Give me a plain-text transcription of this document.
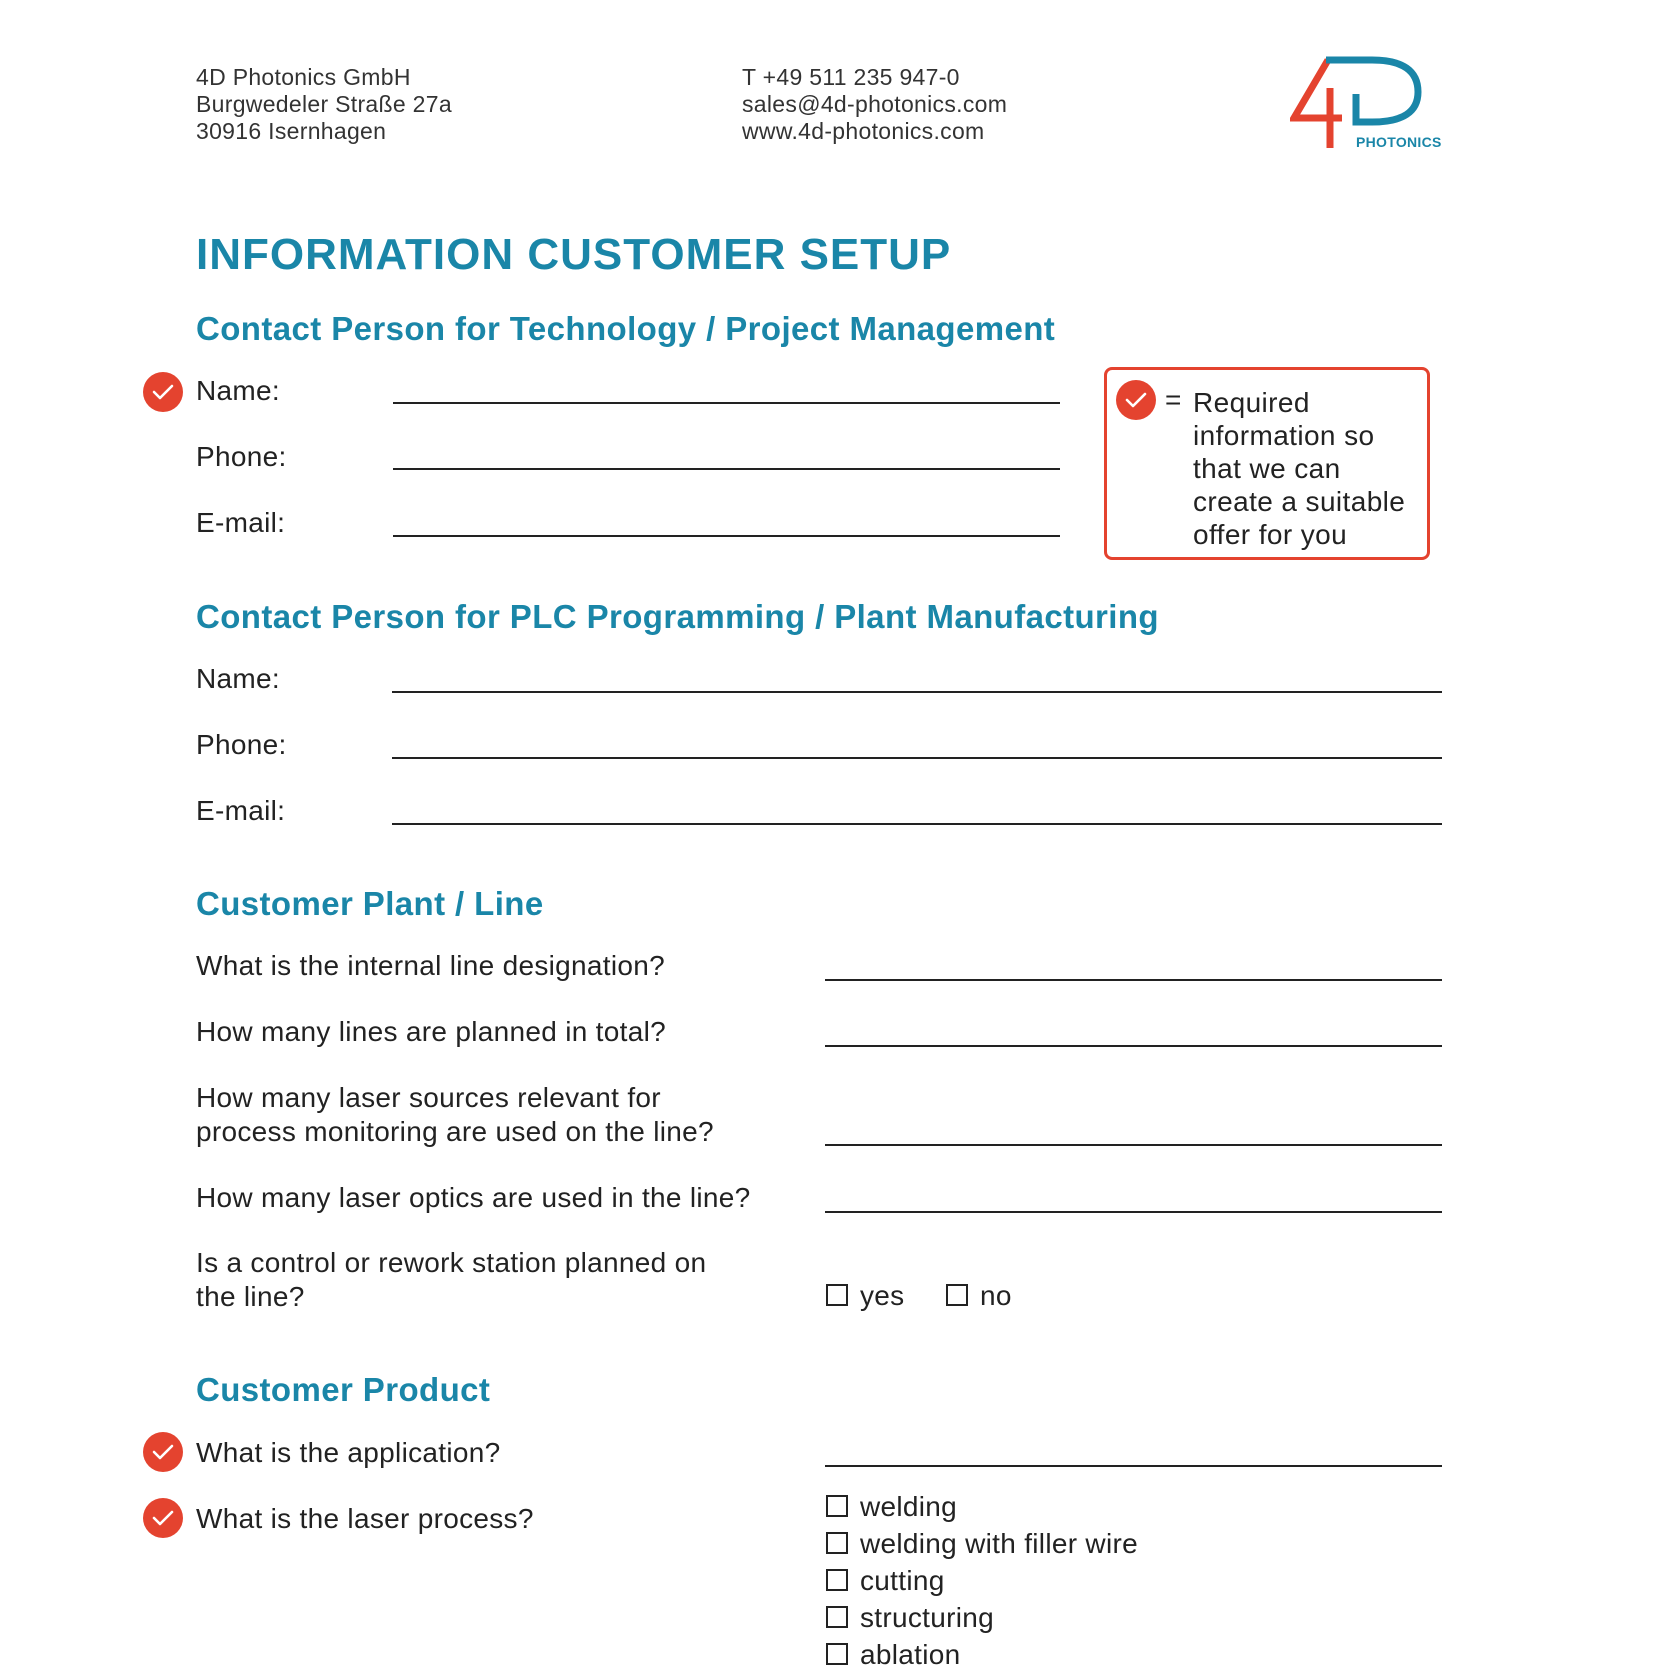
4D Photonics GmbH
Burgwedeler Straße 27a
30916 Isernhagen
T +49 511 235 947-0
sales@4d-photonics.com
www.4d-photonics.com	PHOTONICS
INFORMATION CUSTOMER SETUP
Contact Person for Technology / Project Management
Name:
Phone:
E-mail:
= Required
information so
that we can
create a suitable
offer for you
Contact Person for PLC Programming / Plant Manufacturing
Name:
Phone:
E-mail:
Customer Plant / Line
What is the internal line designation?
How many lines are planned in total?
How many laser sources relevant for
process monitoring are used on the line?
How many laser optics are used in the line?
Is a control or rework station planned on
the line?	yes	no
Customer Product
What is the application?
What is the laser process?	welding
welding with filler wire
cutting
structuring
ablation
